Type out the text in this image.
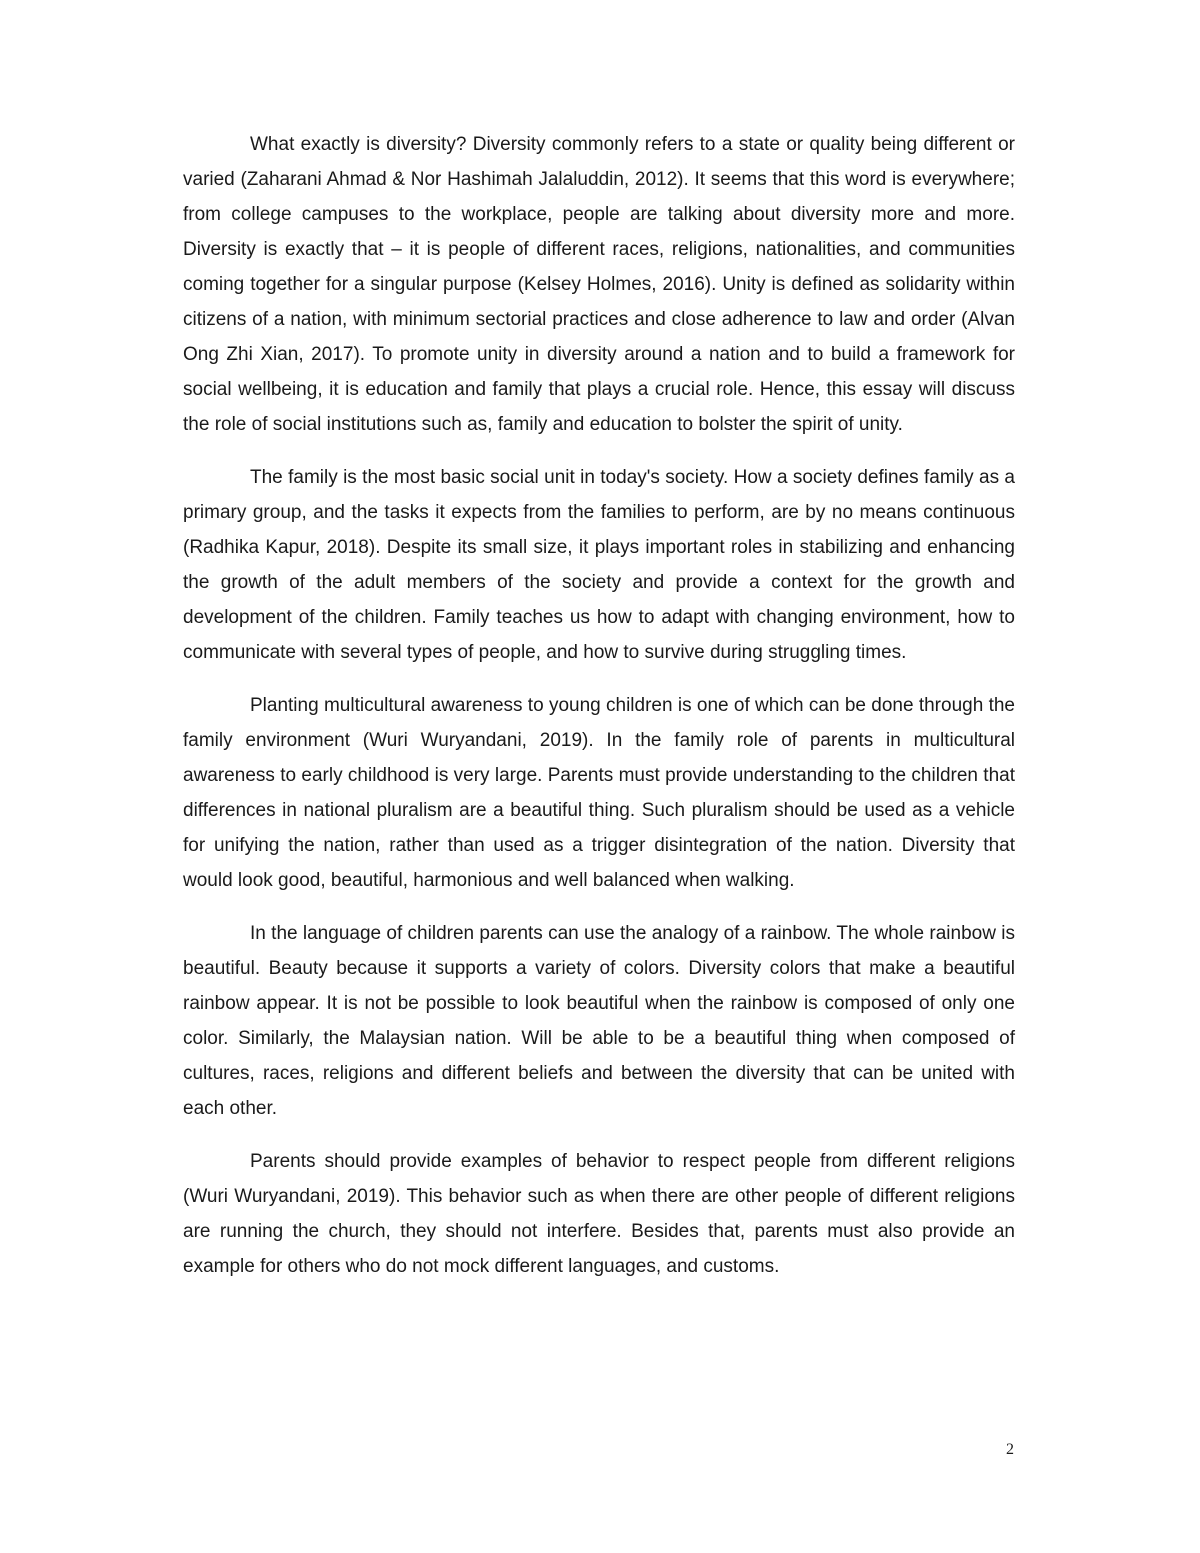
What exactly is diversity? Diversity commonly refers to a state or quality being different or varied (Zaharani Ahmad & Nor Hashimah Jalaluddin, 2012). It seems that this word is everywhere; from college campuses to the workplace, people are talking about diversity more and more. Diversity is exactly that – it is people of different races, religions, nationalities, and communities coming together for a singular purpose (Kelsey Holmes, 2016). Unity is defined as solidarity within citizens of a nation, with minimum sectorial practices and close adherence to law and order (Alvan Ong Zhi Xian, 2017). To promote unity in diversity around a nation and to build a framework for social wellbeing, it is education and family that plays a crucial role. Hence, this essay will discuss the role of social institutions such as, family and education to bolster the spirit of unity.

The family is the most basic social unit in today's society. How a society defines family as a primary group, and the tasks it expects from the families to perform, are by no means continuous (Radhika Kapur, 2018). Despite its small size, it plays important roles in stabilizing and enhancing the growth of the adult members of the society and provide a context for the growth and development of the children. Family teaches us how to adapt with changing environment, how to communicate with several types of people, and how to survive during struggling times.

Planting multicultural awareness to young children is one of which can be done through the family environment (Wuri Wuryandani, 2019). In the family role of parents in multicultural awareness to early childhood is very large. Parents must provide understanding to the children that differences in national pluralism are a beautiful thing. Such pluralism should be used as a vehicle for unifying the nation, rather than used as a trigger disintegration of the nation. Diversity that would look good, beautiful, harmonious and well balanced when walking.

In the language of children parents can use the analogy of a rainbow. The whole rainbow is beautiful. Beauty because it supports a variety of colors. Diversity colors that make a beautiful rainbow appear. It is not be possible to look beautiful when the rainbow is composed of only one color. Similarly, the Malaysian nation. Will be able to be a beautiful thing when composed of cultures, races, religions and different beliefs and between the diversity that can be united with each other.

Parents should provide examples of behavior to respect people from different religions (Wuri Wuryandani, 2019). This behavior such as when there are other people of different religions are running the church, they should not interfere. Besides that, parents must also provide an example for others who do not mock different languages, and customs.

2
